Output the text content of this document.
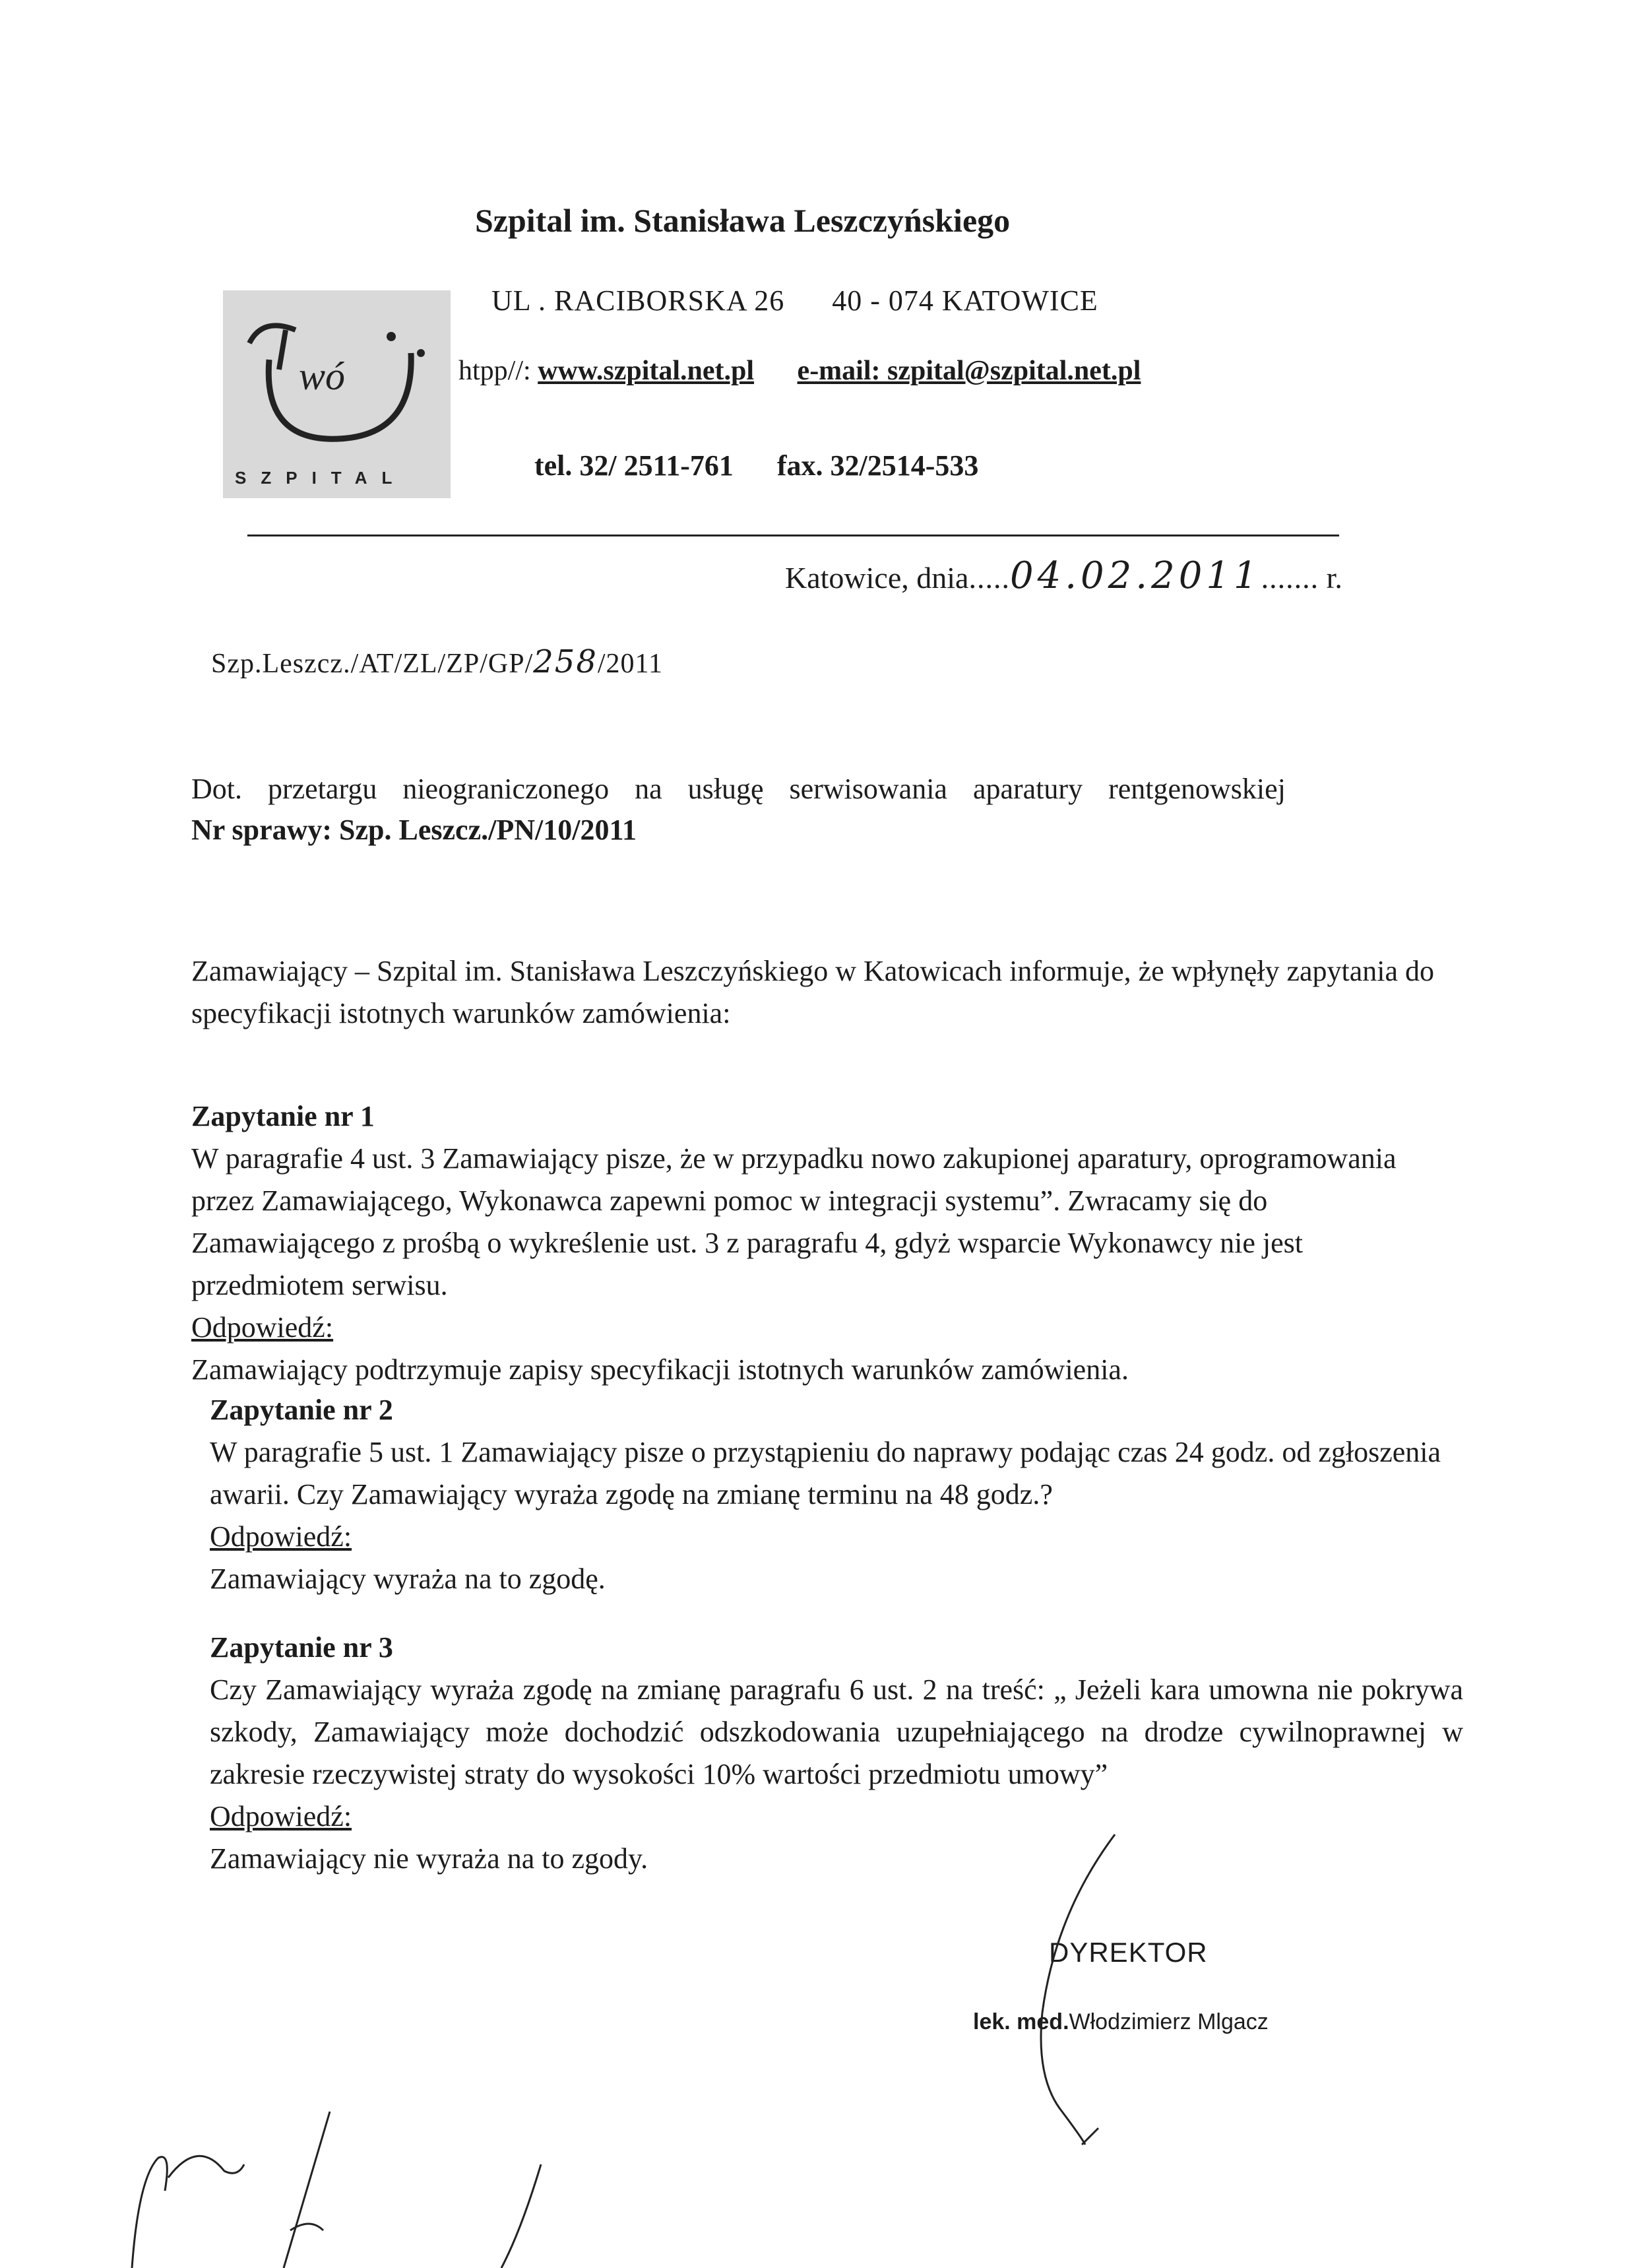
wó
SZPITAL
Szpital im. Stanisława Leszczyńskiego
UL . RACIBORSKA 26 40 - 074 KATOWICE
htpp//: www.szpital.net.pl e-mail: szpital@szpital.net.pl
tel. 32/ 2511-761 fax. 32/2514-533
Katowice, dnia.....04.02.2011....... r.
Szp.Leszcz./AT/ZL/ZP/GP/258/2011
Dot. przetargu nieograniczonego na usługę serwisowania aparatury rentgenowskiej
Nr sprawy: Szp. Leszcz./PN/10/2011
Zamawiający – Szpital im. Stanisława Leszczyńskiego w Katowicach informuje, że wpłynęły zapytania do specyfikacji istotnych warunków zamówienia:
Zapytanie nr 1
W paragrafie 4 ust. 3 Zamawiający pisze, że w przypadku nowo zakupionej aparatury, oprogramowania przez Zamawiającego, Wykonawca zapewni pomoc w integracji systemu”. Zwracamy się do Zamawiającego z prośbą o wykreślenie ust. 3 z paragrafu 4, gdyż wsparcie Wykonawcy nie jest przedmiotem serwisu.
Odpowiedź:
Zamawiający podtrzymuje zapisy specyfikacji istotnych warunków zamówienia.
Zapytanie nr 2
W paragrafie 5 ust. 1 Zamawiający pisze o przystąpieniu do naprawy podając czas 24 godz. od zgłoszenia awarii. Czy Zamawiający wyraża zgodę na zmianę terminu na 48 godz.?
Odpowiedź:
Zamawiający wyraża na to zgodę.
Zapytanie nr 3
Czy Zamawiający wyraża zgodę na zmianę paragrafu 6 ust. 2 na treść: „ Jeżeli kara umowna nie pokrywa szkody, Zamawiający może dochodzić odszkodowania uzupełniającego na drodze cywilnoprawnej w zakresie rzeczywistej straty do wysokości 10% wartości przedmiotu umowy”
Odpowiedź:
Zamawiający nie wyraża na to zgody.
DYREKTOR
lek. med.Włodzimierz Mlgacz
